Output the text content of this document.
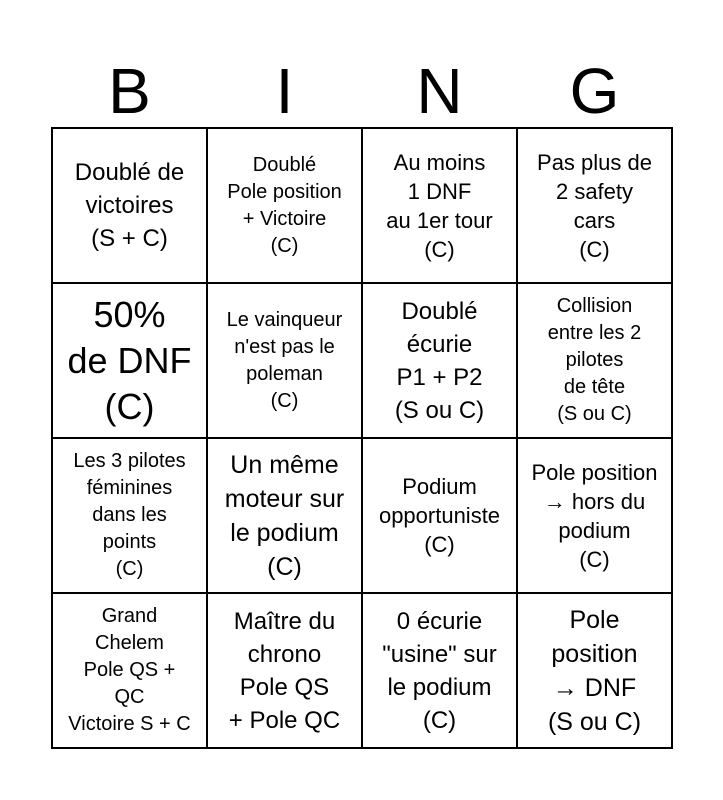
B	I	N	G
Doublé de
victoires
(S + C)
Doublé
Pole position
+ Victoire
(C)
Au moins
1 DNF
au 1er tour
(C)
Pas plus de
2 safety
cars
(C)
50%
de DNF
(C)
Le vainqueur
n'est pas le
poleman
(C)
Doublé
écurie
P1 + P2
(S ou C)
Collision
entre les 2
pilotes
de tête
(S ou C)
Les 3 pilotes
féminines
dans les
points
(C)
Un même
moteur sur
le podium
(C)
Podium
opportuniste
(C)
Pole position
→ hors du
podium
(C)
Grand
Chelem
Pole QS +
QC
Victoire S + C
Maître du
chrono
Pole QS
+ Pole QC
0 écurie
"usine" sur
le podium
(C)
Pole
position
→ DNF
(S ou C)
